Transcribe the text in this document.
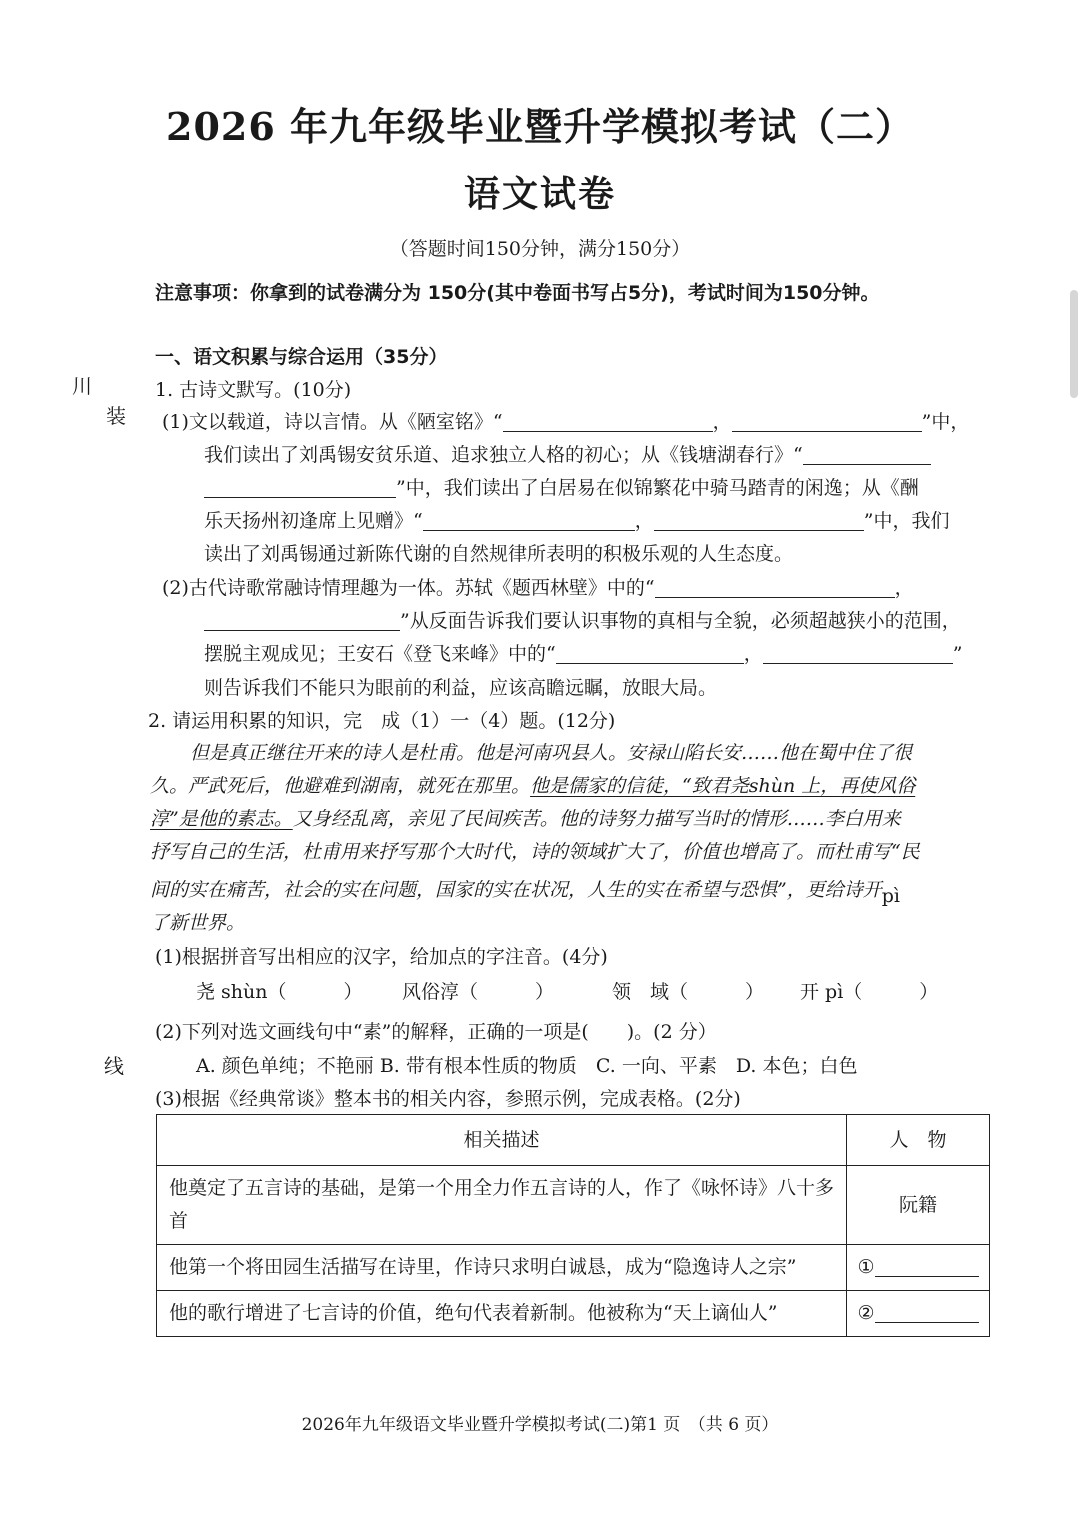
2026 年九年级毕业暨升学模拟考试（二）
语文试卷
（答题时间150分钟，满分150分）
注意事项：你拿到的试卷满分为 150分(其中卷面书写占5分)，考试时间为150分钟。
川
装
线
一、语文积累与综合运用（35分）
1. 古诗文默写。(10分)
(1)文以载道，诗以言情。从《陋室铭》“	，	”中，
我们读出了刘禹锡安贫乐道、追求独立人格的初心；从《钱塘湖春行》“
”中，我们读出了白居易在似锦繁花中骑马踏青的闲逸；从《酬
乐天扬州初逢席上见赠》“	，	”中，我们
读出了刘禹锡通过新陈代谢的自然规律所表明的积极乐观的人生态度。
(2)古代诗歌常融诗情理趣为一体。苏轼《题西林壁》中的“	，
”从反面告诉我们要认识事物的真相与全貌，必须超越狭小的范围，
摆脱主观成见；王安石《登飞来峰》中的“	，	”
则告诉我们不能只为眼前的利益，应该高瞻远瞩，放眼大局。
2. 请运用积累的知识，完　成（1）一（4）题。(12分)
但是真正继往开来的诗人是杜甫。他是河南巩县人。安禄山陷长安……他在蜀中住了很
久。严武死后，他避难到湖南，就死在那里。他是儒家的信徒，“致君尧shùn 上，再使风俗
淳”是他的素志。又身经乱离，亲见了民间疾苦。他的诗努力描写当时的情形……李白用来
抒写自己的生活，杜甫用来抒写那个大时代，诗的领域扩大了，价值也增高了。而杜甫写“民
间的实在痛苦，社会的实在问题，国家的实在状况，人生的实在希望与恐惧”，更给诗开pì
了新世界。
(1)根据拼音写出相应的汉字，给加点的字注音。(4分)
尧 shùn（　　　） 风俗淳（　　　）	领　域（　　　） 开 pì（　　　）
(2)下列对选文画线句中“素”的解释，正确的一项是(　　)。(2 分）
A. 颜色单纯；不艳丽 B. 带有根本性质的物质　C. 一向、平素　D. 本色；白色
(3)根据《经典常谈》整本书的相关内容，参照示例，完成表格。(2分)
相关描述	人　物
他奠定了五言诗的基础，是第一个用全力作五言诗的人，作了《咏怀诗》八十多首	阮籍
他第一个将田园生活描写在诗里，作诗只求明白诚恳，成为“隐逸诗人之宗”	①
他的歌行增进了七言诗的价值，绝句代表着新制。他被称为“天上谪仙人”	②
2026年九年级语文毕业暨升学模拟考试(二)第1 页　（共 6 页）
